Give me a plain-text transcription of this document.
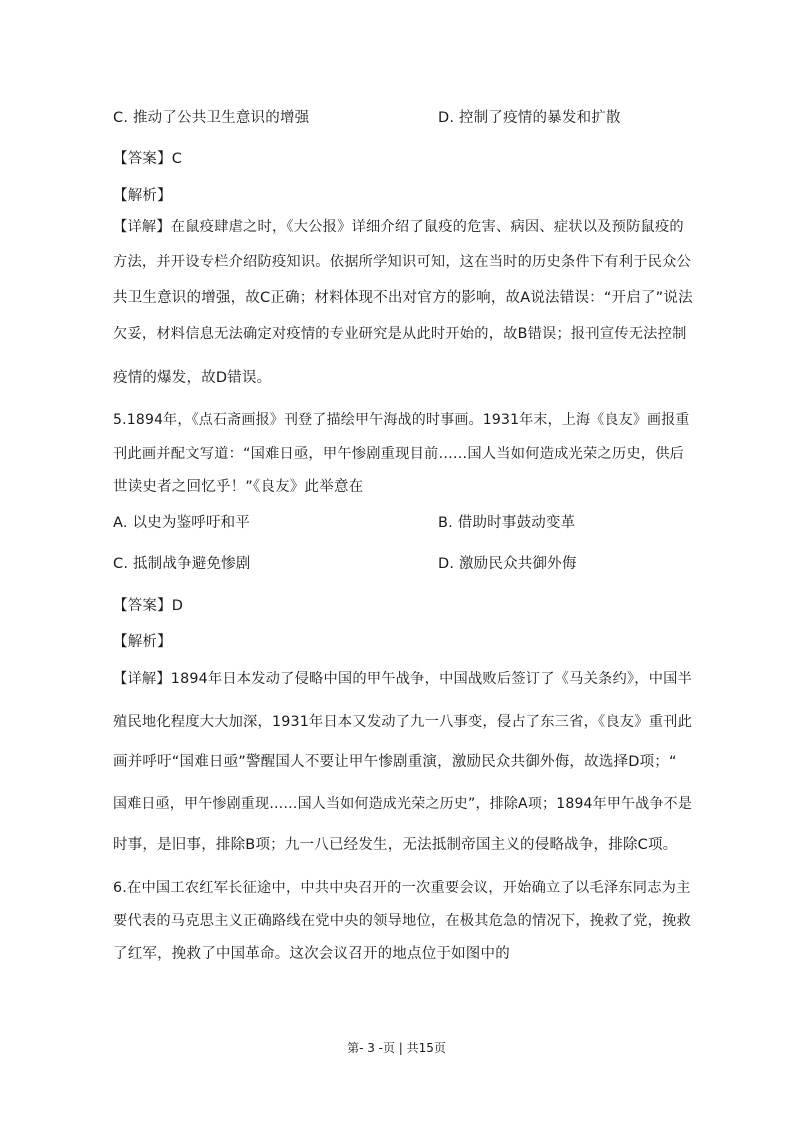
C. 推动了公共卫生意识的增强	D. 控制了疫情的暴发和扩散
【答案】C
【解析】
【详解】在鼠疫肆虐之时，《大公报》详细介绍了鼠疫的危害、病因、症状以及预防鼠疫的
方法，并开设专栏介绍防疫知识。依据所学知识可知，这在当时的历史条件下有利于民众公
共卫生意识的增强，故C正确；材料体现不出对官方的影响，故A说法错误：“开启了”说法
欠妥，材料信息无法确定对疫情的专业研究是从此时开始的，故B错误；报刊宣传无法控制
疫情的爆发，故D错误。
5.1894年，《点石斋画报》刊登了描绘甲午海战的时事画。1931年末，上海《良友》画报重
刊此画并配文写道：“国难日亟，甲午惨剧重现目前……国人当如何造成光荣之历史，供后
世读史者之回忆乎！”《良友》此举意在
A. 以史为鉴呼吁和平	B. 借助时事鼓动变革
C. 抵制战争避免惨剧	D. 激励民众共御外侮
【答案】D
【解析】
【详解】1894年日本发动了侵略中国的甲午战争，中国战败后签订了《马关条约》，中国半
殖民地化程度大大加深，1931年日本又发动了九一八事变，侵占了东三省，《良友》重刊此
画并呼吁“国难日亟”警醒国人不要让甲午惨剧重演，激励民众共御外侮，故选择D项；“
国难日亟，甲午惨剧重现……国人当如何造成光荣之历史”，排除A项；1894年甲午战争不是
时事，是旧事，排除B项；九一八已经发生，无法抵制帝国主义的侵略战争，排除C项。
6.在中国工农红军长征途中，中共中央召开的一次重要会议，开始确立了以毛泽东同志为主
要代表的马克思主义正确路线在党中央的领导地位，在极其危急的情况下，挽救了党，挽救
了红军，挽救了中国革命。这次会议召开的地点位于如图中的
第- 3 -页 | 共15页
